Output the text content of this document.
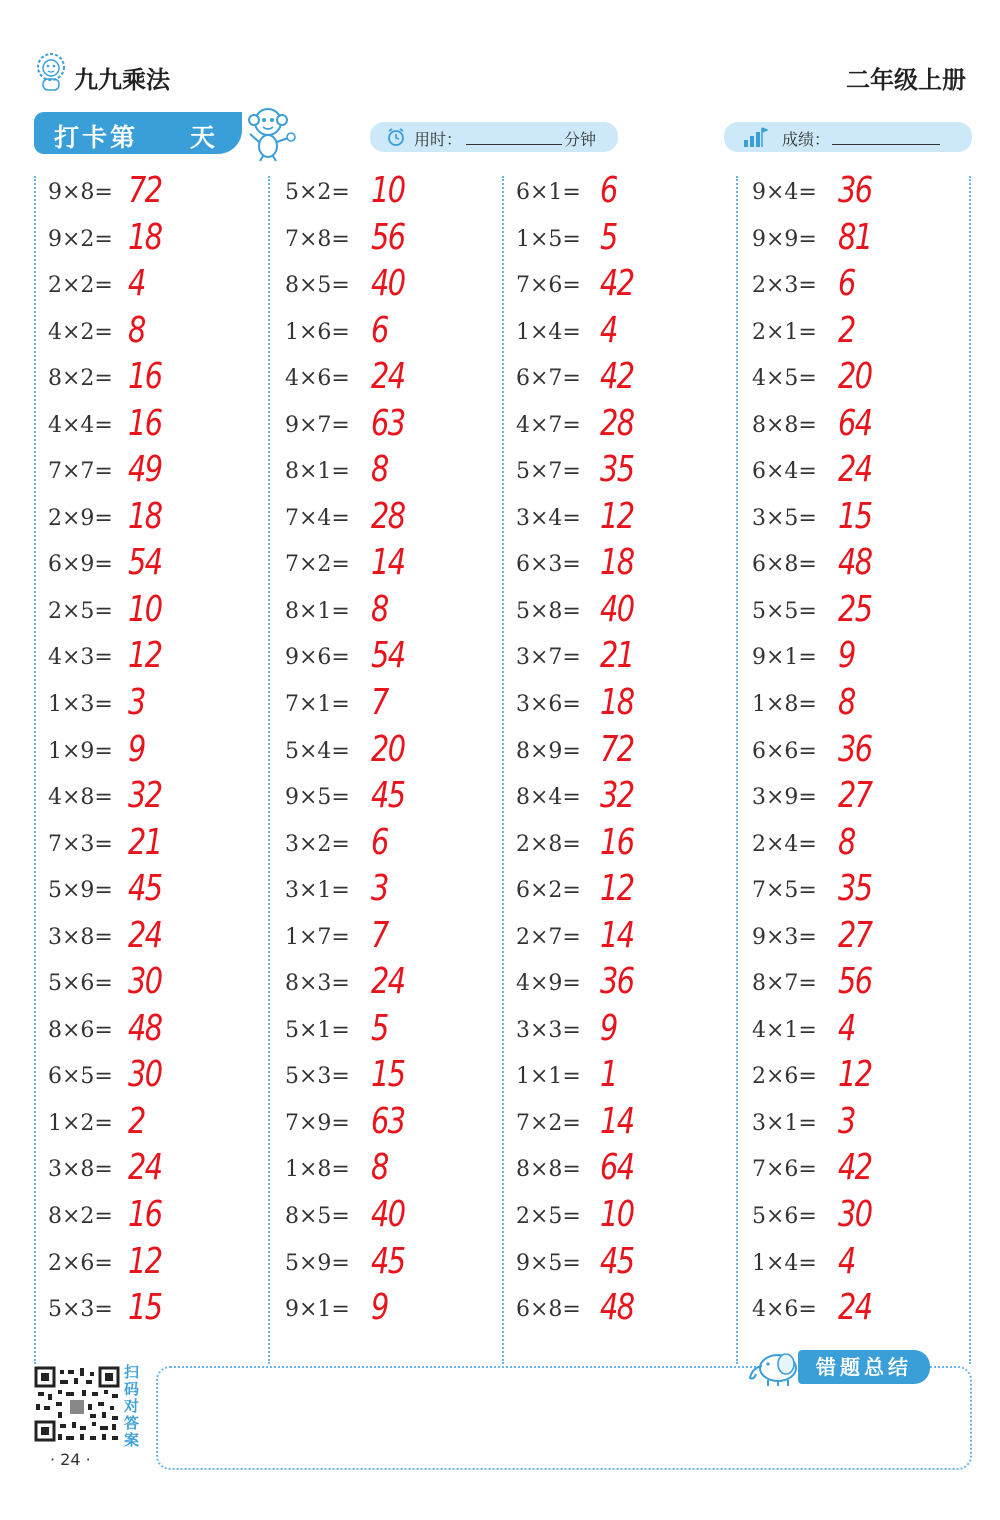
九九乘法	二年级上册
打卡第 天	用时：	分钟	成绩：
9×8= 72
9×2= 18
2×2= 4
4×2= 8
8×2= 16
4×4= 16
7×7= 49
2×9= 18
6×9= 54
2×5= 10
4×3= 12
1×3= 3
1×9= 9
4×8= 32
7×3= 21
5×9= 45
3×8= 24
5×6= 30
8×6= 48
6×5= 30
1×2= 2
3×8= 24
8×2= 16
2×6= 12
5×3= 15
5×2= 10
7×8= 56
8×5= 40
1×6= 6
4×6= 24
9×7= 63
8×1= 8
7×4= 28
7×2= 14
8×1= 8
9×6= 54
7×1= 7
5×4= 20
9×5= 45
3×2= 6
3×1= 3
1×7= 7
8×3= 24
5×1= 5
5×3= 15
7×9= 63
1×8= 8
8×5= 40
5×9= 45
9×1= 9
6×1= 6
1×5= 5
7×6= 42
1×4= 4
6×7= 42
4×7= 28
5×7= 35
3×4= 12
6×3= 18
5×8= 40
3×7= 21
3×6= 18
8×9= 72
8×4= 32
2×8= 16
6×2= 12
2×7= 14
4×9= 36
3×3= 9
1×1= 1
7×2= 14
8×8= 64
2×5= 10
9×5= 45
6×8= 48
9×4= 36
9×9= 81
2×3= 6
2×1= 2
4×5= 20
8×8= 64
6×4= 24
3×5= 15
6×8= 48
5×5= 25
9×1= 9
1×8= 8
6×6= 36
3×9= 27
2×4= 8
7×5= 35
9×3= 27
8×7= 56
4×1= 4
2×6= 12
3×1= 3
7×6= 42
5×6= 30
1×4= 4
4×6= 24
扫码对答案
· 24 ·
错题总结
